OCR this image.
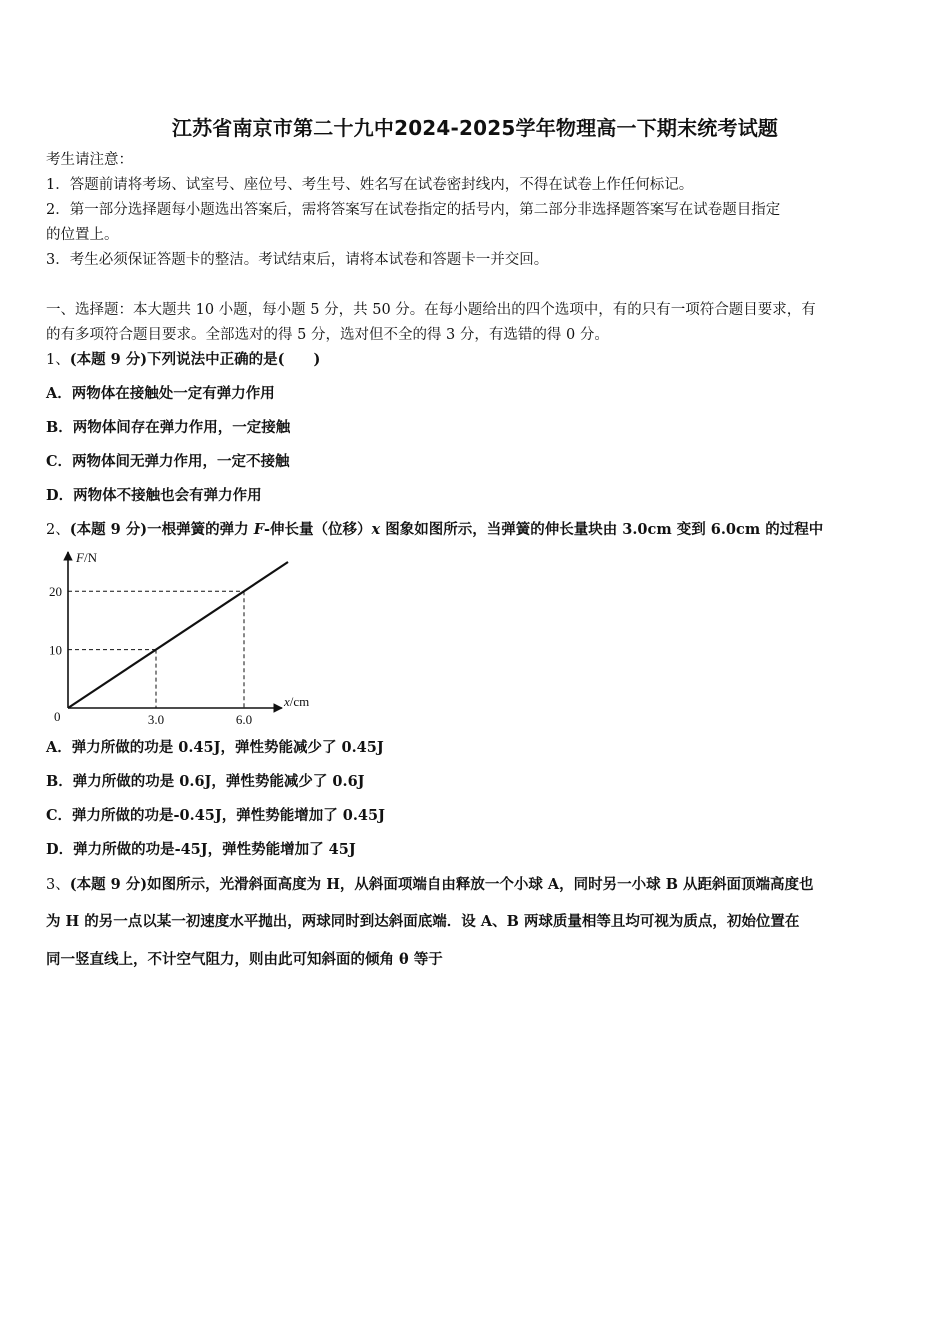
江苏省南京市第二十九中2024-2025学年物理高一下期末统考试题
考生请注意：
1．答题前请将考场、试室号、座位号、考生号、姓名写在试卷密封线内，不得在试卷上作任何标记。
2．第一部分选择题每小题选出答案后，需将答案写在试卷指定的括号内，第二部分非选择题答案写在试卷题目指定
的位置上。
3．考生必须保证答题卡的整洁。考试结束后，请将本试卷和答题卡一并交回。
一、选择题：本大题共 10 小题，每小题 5 分，共 50 分。在每小题给出的四个选项中，有的只有一项符合题目要求，有
的有多项符合题目要求。全部选对的得 5 分，选对但不全的得 3 分，有选错的得 0 分。
1、(本题 9 分)下列说法中正确的是(　　)
A．两物体在接触处一定有弹力作用
B．两物体间存在弹力作用，一定接触
C．两物体间无弹力作用，一定不接触
D．两物体不接触也会有弹力作用
2、(本题 9 分)一根弹簧的弹力 F-伸长量（位移）x 图象如图所示，当弹簧的伸长量块由 3.0cm 变到 6.0cm 的过程中
F/N
x/cm
0	3.0	6.0
10
20
A．弹力所做的功是 0.45J，弹性势能减少了 0.45J
B．弹力所做的功是 0.6J，弹性势能减少了 0.6J
C．弹力所做的功是-0.45J，弹性势能增加了 0.45J
D．弹力所做的功是-45J，弹性势能增加了 45J
3、(本题 9 分)如图所示，光滑斜面高度为 H，从斜面项端自由释放一个小球 A，同时另一小球 B 从距斜面顶端高度也
为 H 的另一点以某一初速度水平抛出，两球同时到达斜面底端．设 A、B 两球质量相等且均可视为质点，初始位置在
同一竖直线上，不计空气阻力，则由此可知斜面的倾角 θ 等于
